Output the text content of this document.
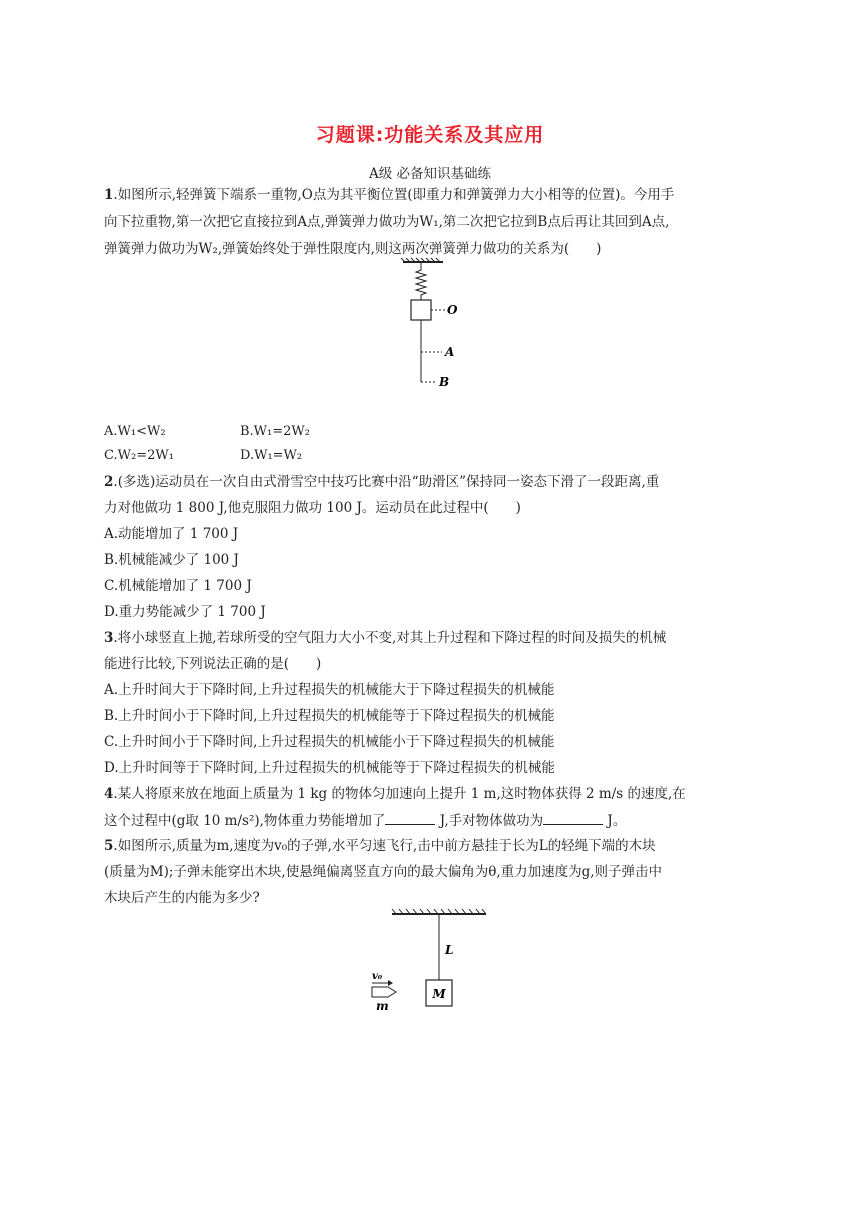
习题课:功能关系及其应用
A级 必备知识基础练
1.如图所示,轻弹簧下端系一重物,O点为其平衡位置(即重力和弹簧弹力大小相等的位置)。今用手
向下拉重物,第一次把它直接拉到A点,弹簧弹力做功为W₁,第二次把它拉到B点后再让其回到A点,
弹簧弹力做功为W₂,弹簧始终处于弹性限度内,则这两次弹簧弹力做功的关系为(　　)
O
A
B
A.W₁<W₂	B.W₁=2W₂
C.W₂=2W₁	D.W₁=W₂
2.(多选)运动员在一次自由式滑雪空中技巧比赛中沿“助滑区”保持同一姿态下滑了一段距离,重
力对他做功 1 800 J,他克服阻力做功 100 J。运动员在此过程中(　　)
A.动能增加了 1 700 J
B.机械能减少了 100 J
C.机械能增加了 1 700 J
D.重力势能减少了 1 700 J
3.将小球竖直上抛,若球所受的空气阻力大小不变,对其上升过程和下降过程的时间及损失的机械
能进行比较,下列说法正确的是(　　)
A.上升时间大于下降时间,上升过程损失的机械能大于下降过程损失的机械能
B.上升时间小于下降时间,上升过程损失的机械能等于下降过程损失的机械能
C.上升时间小于下降时间,上升过程损失的机械能小于下降过程损失的机械能
D.上升时间等于下降时间,上升过程损失的机械能等于下降过程损失的机械能
4.某人将原来放在地面上质量为 1 kg 的物体匀加速向上提升 1 m,这时物体获得 2 m/s 的速度,在
这个过程中(g取 10 m/s²),物体重力势能增加了	J,手对物体做功为	J。
5.如图所示,质量为m,速度为v₀的子弹,水平匀速飞行,击中前方悬挂于长为L的轻绳下端的木块
(质量为M);子弹未能穿出木块,使悬绳偏离竖直方向的最大偏角为θ,重力加速度为g,则子弹击中
木块后产生的内能为多少?
L
M
v₀
m
